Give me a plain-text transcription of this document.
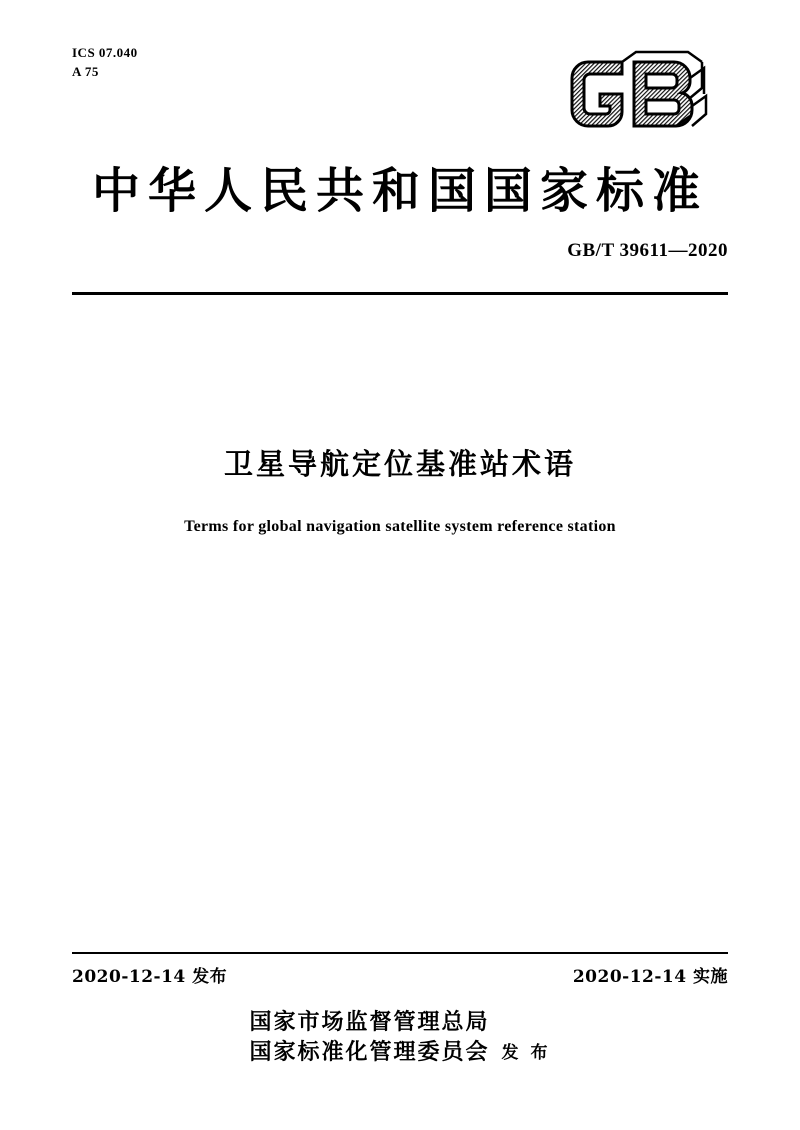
ICS 07.040
A 75
中华人民共和国国家标准
GB/T 39611—2020
卫星导航定位基准站术语
Terms for global navigation satellite system reference station
2020-12-14 发布	2020-12-14 实施
国家市场监督管理总局
国家标准化管理委员会 发 布
